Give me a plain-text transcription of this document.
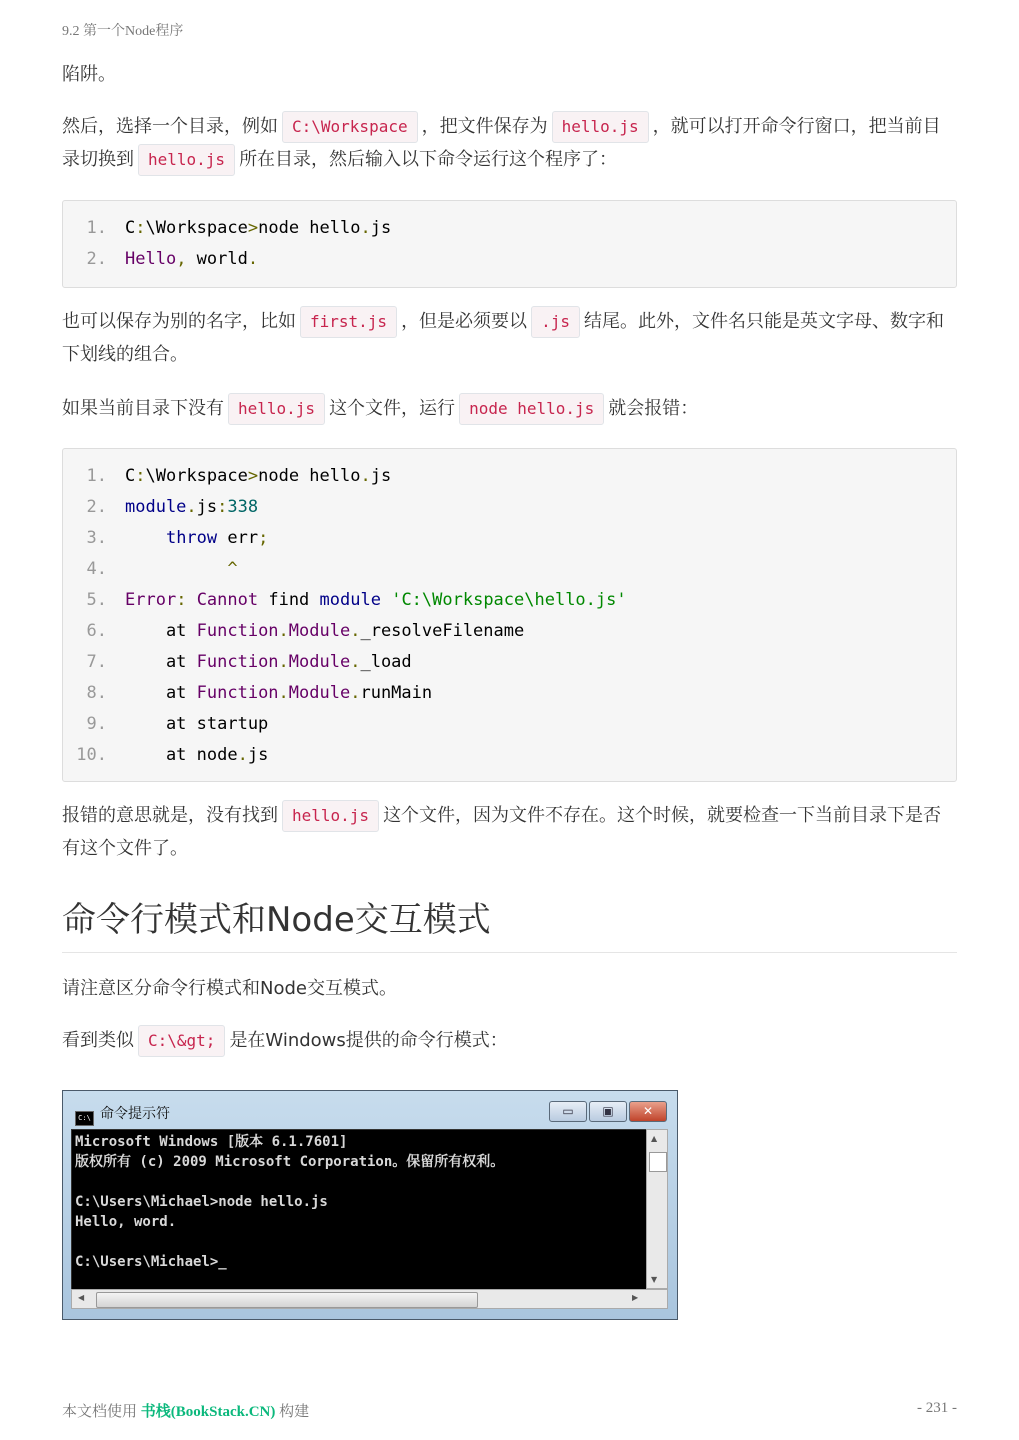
9.2 第一个Node程序
陷阱。
然后，选择一个目录，例如 C:\Workspace ，把文件保存为 hello.js ，就可以打开命令行窗口，把当前目录切换到 hello.js 所在目录，然后输入以下命令运行这个程序了：
1. C:\Workspace>node hello.js
2. Hello, world.
也可以保存为别的名字，比如 first.js ，但是必须要以 .js 结尾。此外，文件名只能是英文字母、数字和下划线的组合。
如果当前目录下没有 hello.js 这个文件，运行 node hello.js 就会报错：
1. C:\Workspace>node hello.js
2. module.js:338
3.	throw err;
4.	^
5. Error: Cannot find module 'C:\Workspace\hello.js'
6.    at Function.Module._resolveFilename
7.    at Function.Module._load
8.    at Function.Module.runMain
9.    at startup
10.    at node.js
报错的意思就是，没有找到 hello.js 这个文件，因为文件不存在。这个时候，就要检查一下当前目录下是否有这个文件了。
命令行模式和Node交互模式
请注意区分命令行模式和Node交互模式。
看到类似 C:\&gt; 是在Windows提供的命令行模式：
C:\ 命令提示符	▭	▣	✕
Microsoft Windows [版本 6.1.7601]
版权所有 (c) 2009 Microsoft Corporation。保留所有权利。

C:\Users\Michael>node hello.js
Hello, word.

C:\Users\Michael>_
▲
▼
◀	▶
本文档使用 书栈(BookStack.CN) 构建	- 231 -
